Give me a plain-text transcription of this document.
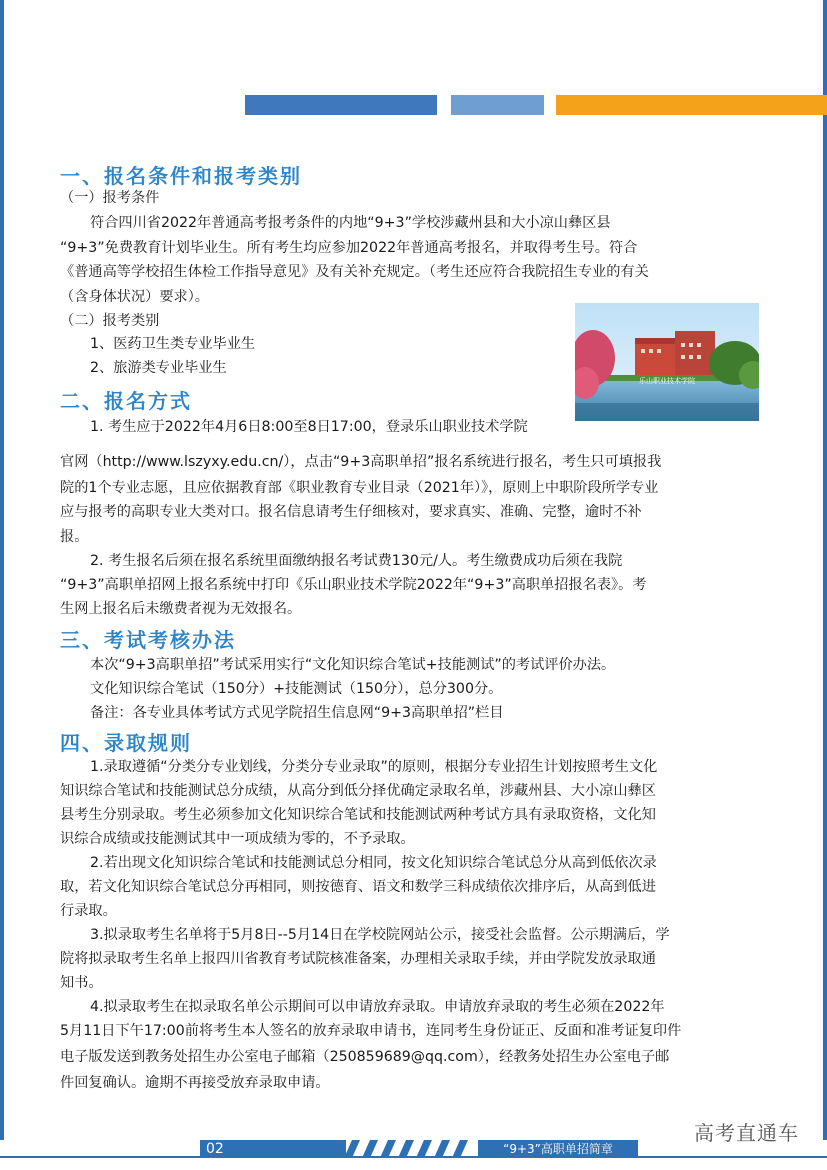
一、报名条件和报考类别
（一）报考条件
符合四川省2022年普通高考报考条件的内地“9+3”学校涉藏州县和大小凉山彝区县
“9+3”免费教育计划毕业生。所有考生均应参加2022年普通高考报名，并取得考生号。符合
《普通高等学校招生体检工作指导意见》及有关补充规定。（考生还应符合我院招生专业的有关
（含身体状况）要求）。
（二）报考类别
1、医药卫生类专业毕业生
2、旅游类专业毕业生
乐山职业技术学院
二、报名方式
1. 考生应于2022年4月6日8:00至8日17:00，登录乐山职业技术学院
官网（http://www.lszyxy.edu.cn/），点击“9+3高职单招”报名系统进行报名，考生只可填报我
院的1个专业志愿，且应依据教育部《职业教育专业目录（2021年）》，原则上中职阶段所学专业
应与报考的高职专业大类对口。报名信息请考生仔细核对，要求真实、准确、完整，逾时不补
报。
2. 考生报名后须在报名系统里面缴纳报名考试费130元/人。考生缴费成功后须在我院
“9+3”高职单招网上报名系统中打印《乐山职业技术学院2022年“9+3”高职单招报名表》。考
生网上报名后未缴费者视为无效报名。
三、考试考核办法
本次“9+3高职单招”考试采用实行“文化知识综合笔试+技能测试”的考试评价办法。
文化知识综合笔试（150分）+技能测试（150分），总分300分。
备注：各专业具体考试方式见学院招生信息网“9+3高职单招”栏目
四、录取规则
1.录取遵循“分类分专业划线，分类分专业录取”的原则，根据分专业招生计划按照考生文化
知识综合笔试和技能测试总分成绩，从高分到低分择优确定录取名单，涉藏州县、大小凉山彝区
县考生分别录取。考生必须参加文化知识综合笔试和技能测试两种考试方具有录取资格，文化知
识综合成绩或技能测试其中一项成绩为零的，不予录取。
2.若出现文化知识综合笔试和技能测试总分相同，按文化知识综合笔试总分从高到低依次录
取，若文化知识综合笔试总分再相同，则按德育、语文和数学三科成绩依次排序后，从高到低进
行录取。
3.拟录取考生名单将于5月8日--5月14日在学校院网站公示，接受社会监督。公示期满后，学
院将拟录取考生名单上报四川省教育考试院核准备案，办理相关录取手续，并由学院发放录取通
知书。
4.拟录取考生在拟录取名单公示期间可以申请放弃录取。申请放弃录取的考生必须在2022年
5月11日下午17:00前将考生本人签名的放弃录取申请书，连同考生身份证正、反面和准考证复印件
电子版发送到教务处招生办公室电子邮箱（250859689@qq.com），经教务处招生办公室电子邮
件回复确认。逾期不再接受放弃录取申请。
高考直通车
02	“9+3”高职单招简章
